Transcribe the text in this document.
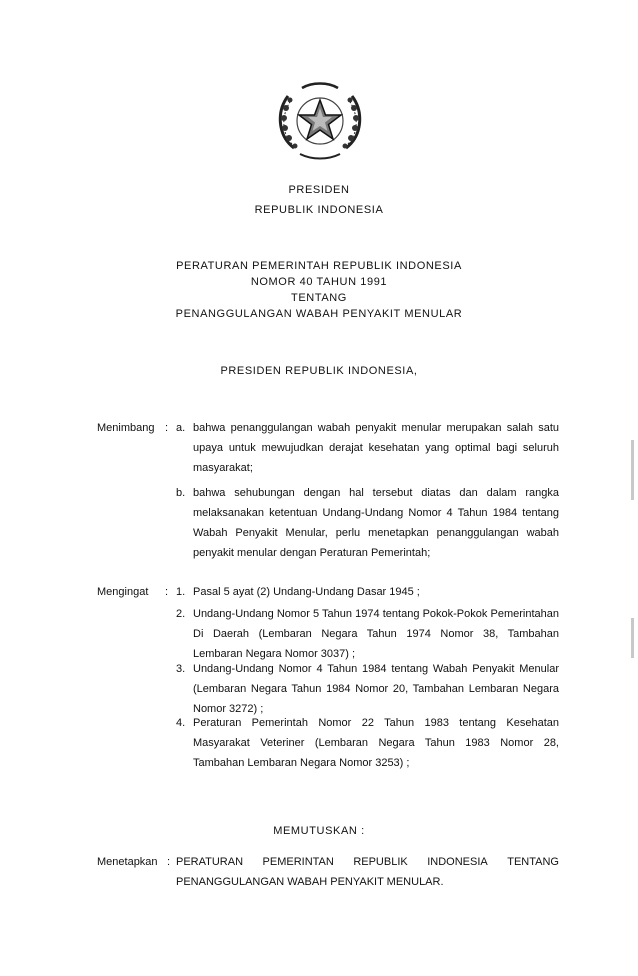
PRESIDEN
REPUBLIK INDONESIA
PERATURAN PEMERINTAH REPUBLIK INDONESIA
NOMOR 40 TAHUN 1991
TENTANG
PENANGGULANGAN WABAH PENYAKIT MENULAR
PRESIDEN REPUBLIK INDONESIA,
Menimbang : a. bahwa penanggulangan wabah penyakit menular merupakan salah satu upaya untuk mewujudkan derajat kesehatan yang optimal bagi seluruh masyarakat;
b. bahwa sehubungan dengan hal tersebut diatas dan dalam rangka melaksanakan ketentuan Undang-Undang Nomor 4 Tahun 1984 tentang Wabah Penyakit Menular, perlu menetapkan penanggulangan wabah penyakit menular dengan Peraturan Pemerintah;
Mengingat : 1. Pasal 5 ayat (2) Undang-Undang Dasar 1945 ;
2. Undang-Undang Nomor 5 Tahun 1974 tentang Pokok-Pokok Pemerintahan Di Daerah (Lembaran Negara Tahun 1974 Nomor 38, Tambahan Lembaran Negara Nomor 3037) ;
3. Undang-Undang Nomor 4 Tahun 1984 tentang Wabah Penyakit Menular (Lembaran Negara Tahun 1984 Nomor 20, Tambahan Lembaran Negara Nomor 3272) ;
4. Peraturan Pemerintah Nomor 22 Tahun 1983 tentang Kesehatan Masyarakat Veteriner (Lembaran Negara Tahun 1983 Nomor 28, Tambahan Lembaran Negara Nomor 3253) ;
MEMUTUSKAN :
Menetapkan : PERATURAN PEMERINTAN REPUBLIK INDONESIA TENTANG
PENANGGULANGAN WABAH PENYAKIT MENULAR.
